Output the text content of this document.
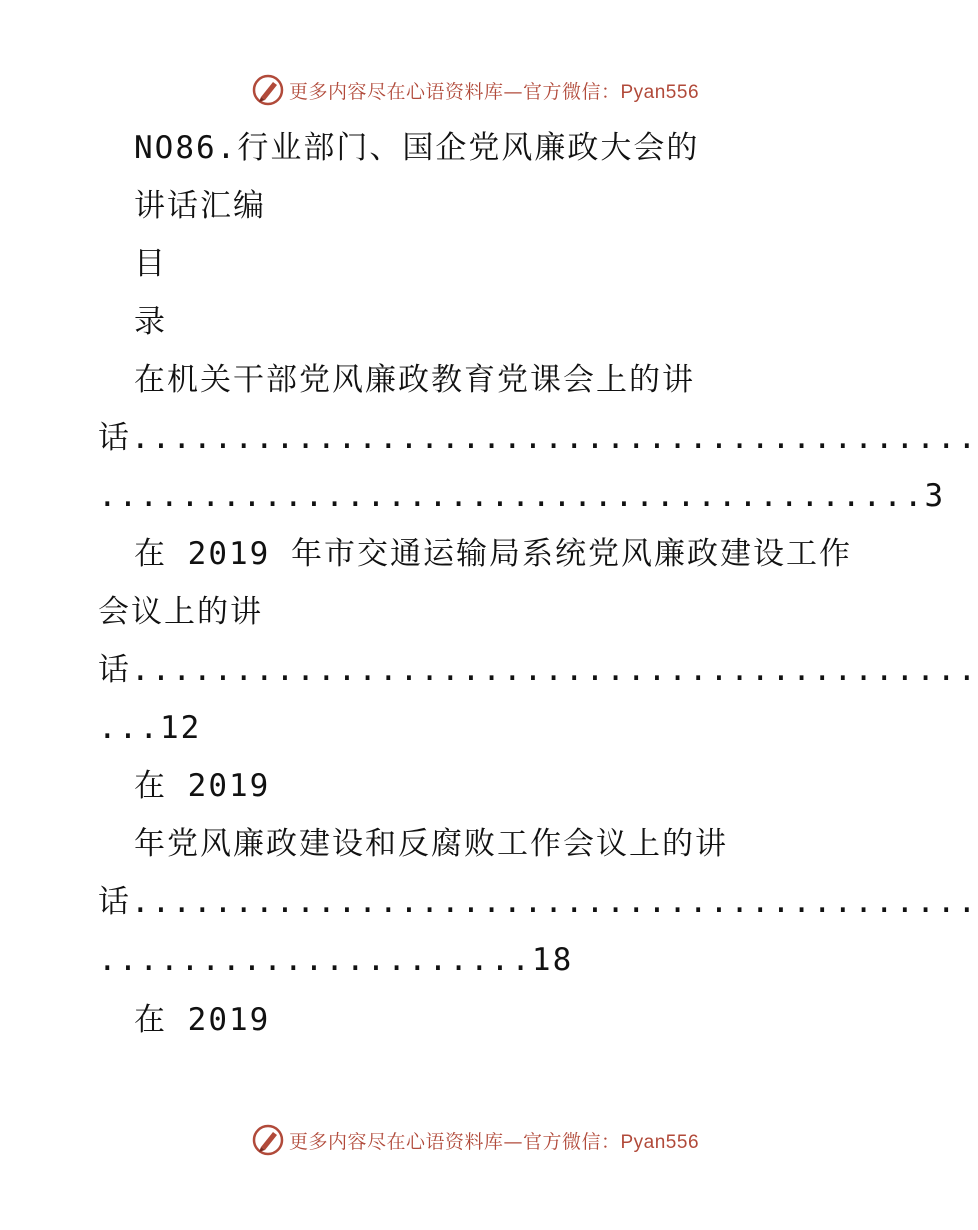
更多内容尽在心语资料库—官方微信：Pyan556
NO86.行业部门、国企党风廉政大会的
讲话汇编
目
录
在机关干部党风廉政教育党课会上的讲
话.........................................
........................................3
在 2019 年市交通运输局系统党风廉政建设工作
会议上的讲
话.........................................
...12
在 2019
年党风廉政建设和反腐败工作会议上的讲
话.........................................
.....................18
在 2019
更多内容尽在心语资料库—官方微信：Pyan556
